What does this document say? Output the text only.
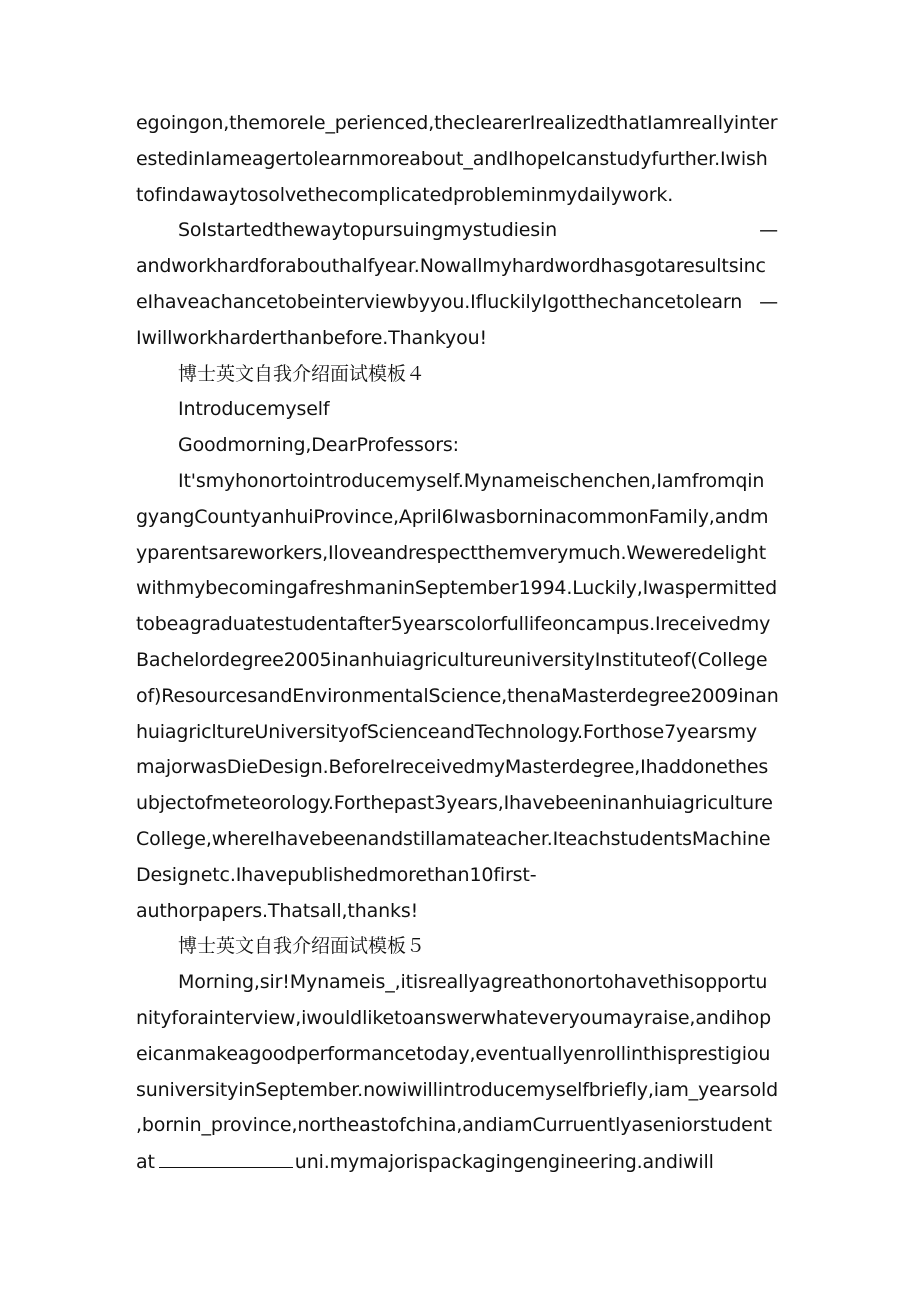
egoingon,themoreIe_perienced,theclearerIrealizedthatIamreallyinter
estedinIameagertolearnmoreabout_andIhopeIcanstudyfurther.Iwish
tofindawaytosolvethecomplicatedprobleminmydailywork.
SoIstartedthewaytopursuingmystudiesin	—
andworkhardforabouthalfyear.Nowallmyhardwordhasgotaresultsinc
eIhaveachancetobeinterviewbyyou.IfluckilyIgotthechancetolearn —
Iwillworkharderthanbefore.Thankyou!
博士英文自我介绍面试模板４
Introducemyself
Goodmorning,DearProfessors:
It'smyhonortointroducemyself.Mynameischenchen,Iamfromqin
gyangCountyanhuiProvince,April6IwasborninacommonFamily,andm
yparentsareworkers,Iloveandrespectthemverymuch.Weweredelight
withmybecomingafreshmaninSeptember1994.Luckily,Iwaspermitted
tobeagraduatestudentafter5yearscolorfullifeoncampus.Ireceivedmy
Bachelordegree2005inanhuiagricultureuniversityInstituteof(College
of)ResourcesandEnvironmentalScience,thenaMasterdegree2009inan
huiagricltureUniversityofScienceandTechnology.Forthose7yearsmy
majorwasDieDesign.BeforeIreceivedmyMasterdegree,Ihaddonethes
ubjectofmeteorology.Forthepast3years,Ihavebeeninanhuiagriculture
College,whereIhavebeenandstillamateacher.IteachstudentsMachine
Designetc.Ihavepublishedmorethan10first-
authorpapers.Thatsall,thanks!
博士英文自我介绍面试模板５
Morning,sir!Mynameis_,itisreallyagreathonortohavethisopportu
nityforainterview,iwouldliketoanswerwhateveryoumayraise,andihop
eicanmakeagoodperformancetoday,eventuallyenrollinthisprestigiou
suniversityinSeptember.nowiwillintroducemyselfbriefly,iam_yearsold
,bornin_province,northeastofchina,andiamCurruentlyaseniorstudent
at	uni.mymajorispackagingengineering.andiwill
